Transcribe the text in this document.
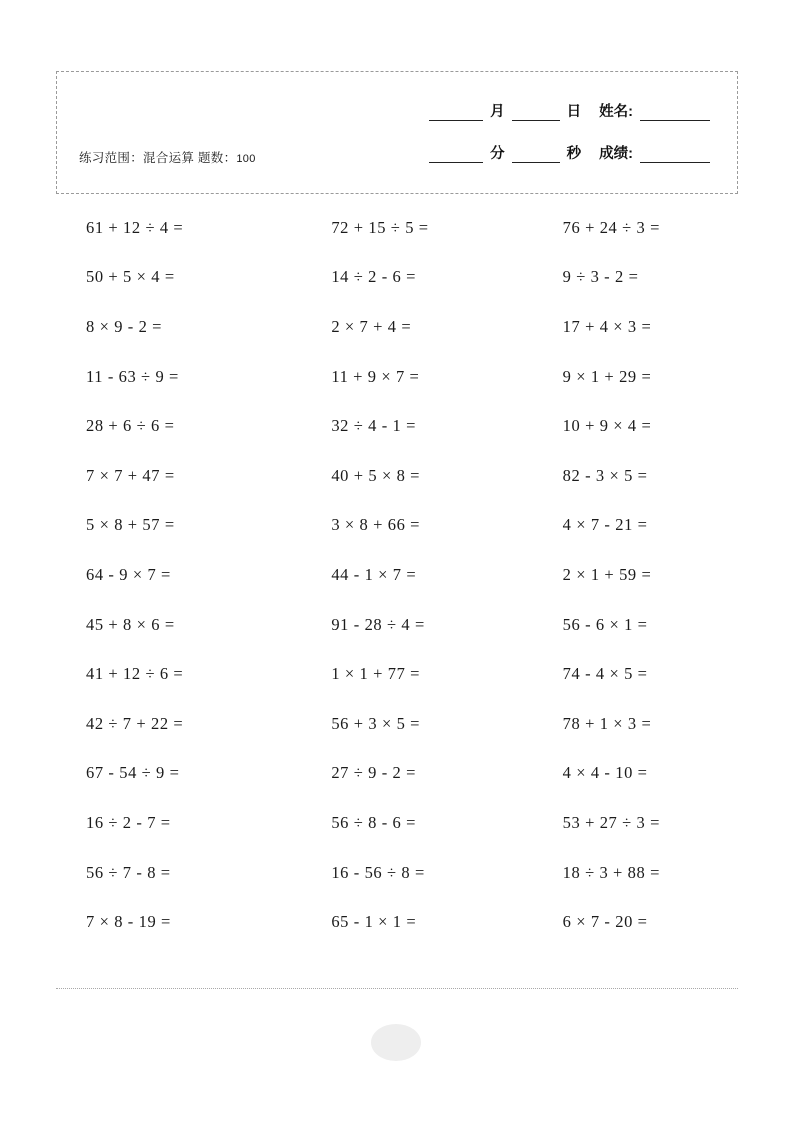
练习范围：混合运算 题数：100
月	日 姓名:
分	秒 成绩:
61 + 12 ÷ 4 =	72 + 15 ÷ 5 =	76 + 24 ÷ 3 =
50 + 5 × 4 =	14 ÷ 2 - 6 =	9 ÷ 3 - 2 =
8 × 9 - 2 =	2 × 7 + 4 =	17 + 4 × 3 =
11 - 63 ÷ 9 =	11 + 9 × 7 =	9 × 1 + 29 =
28 + 6 ÷ 6 =	32 ÷ 4 - 1 =	10 + 9 × 4 =
7 × 7 + 47 =	40 + 5 × 8 =	82 - 3 × 5 =
5 × 8 + 57 =	3 × 8 + 66 =	4 × 7 - 21 =
64 - 9 × 7 =	44 - 1 × 7 =	2 × 1 + 59 =
45 + 8 × 6 =	91 - 28 ÷ 4 =	56 - 6 × 1 =
41 + 12 ÷ 6 =	1 × 1 + 77 =	74 - 4 × 5 =
42 ÷ 7 + 22 =	56 + 3 × 5 =	78 + 1 × 3 =
67 - 54 ÷ 9 =	27 ÷ 9 - 2 =	4 × 4 - 10 =
16 ÷ 2 - 7 =	56 ÷ 8 - 6 =	53 + 27 ÷ 3 =
56 ÷ 7 - 8 =	16 - 56 ÷ 8 =	18 ÷ 3 + 88 =
7 × 8 - 19 =	65 - 1 × 1 =	6 × 7 - 20 =
